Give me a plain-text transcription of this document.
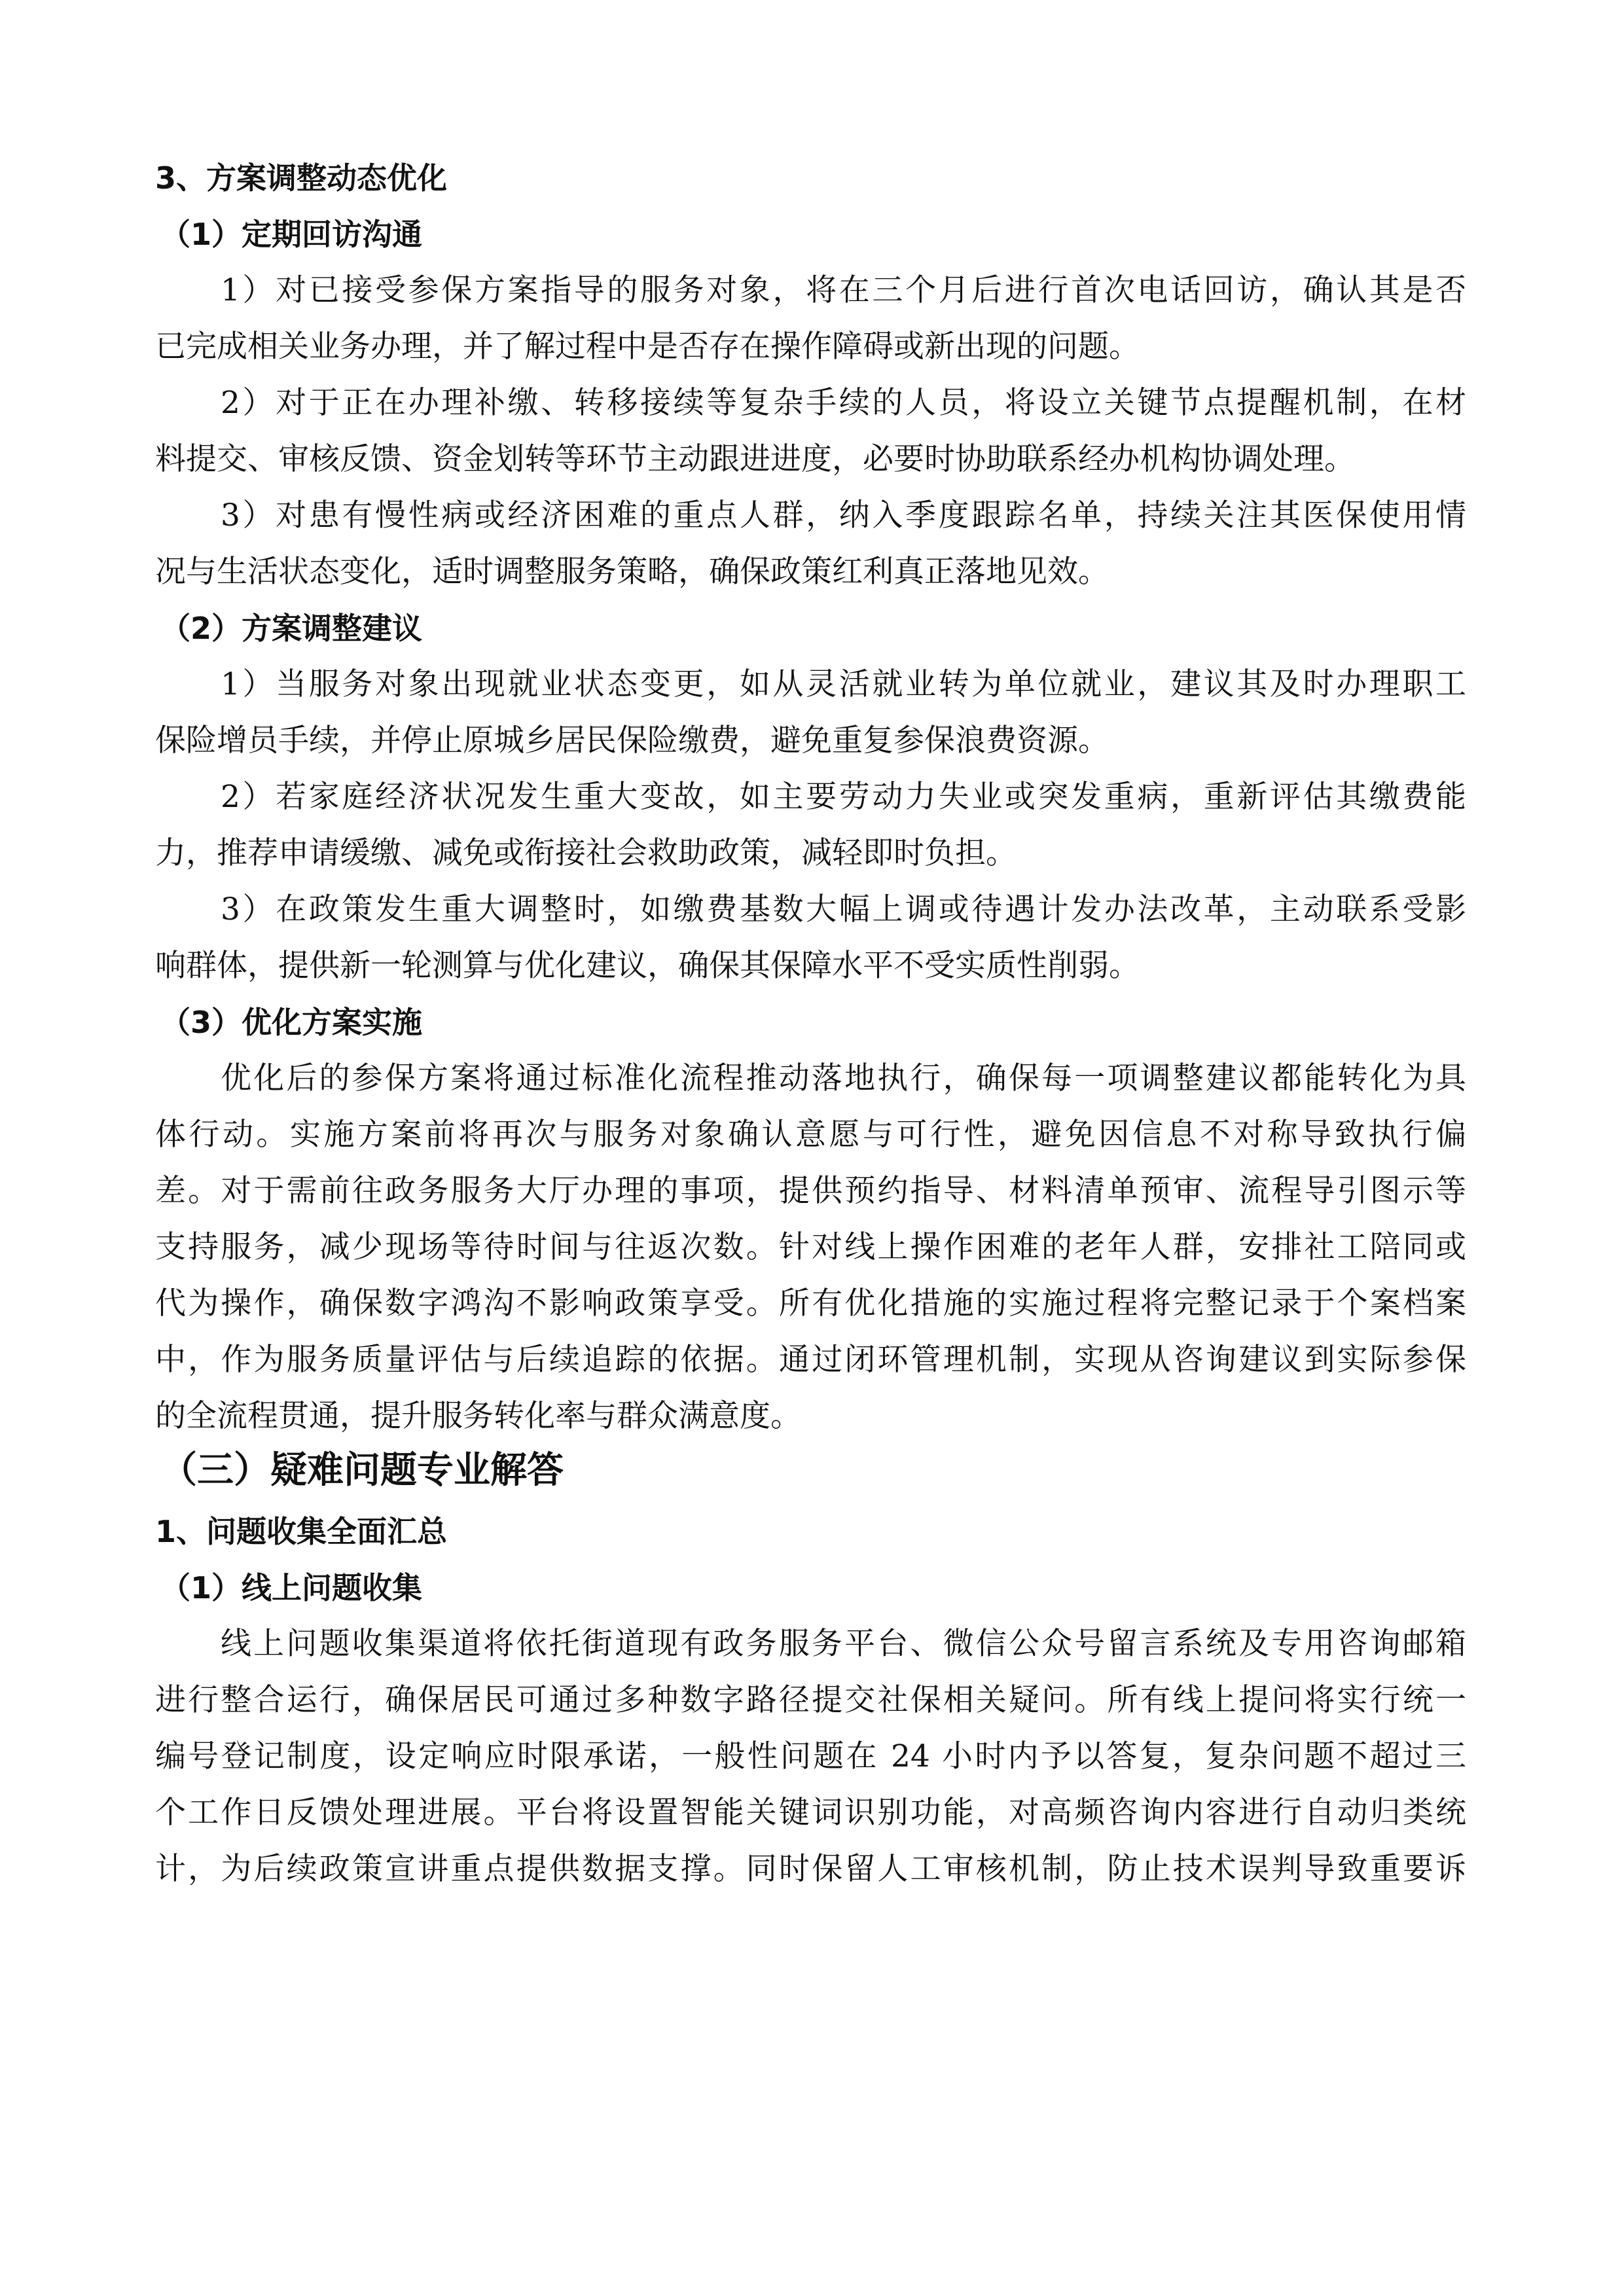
3、方案调整动态优化
（1）定期回访沟通
1）对已接受参保方案指导的服务对象，将在三个月后进行首次电话回访，确认其是否
已完成相关业务办理，并了解过程中是否存在操作障碍或新出现的问题。
2）对于正在办理补缴、转移接续等复杂手续的人员，将设立关键节点提醒机制，在材
料提交、审核反馈、资金划转等环节主动跟进进度，必要时协助联系经办机构协调处理。
3）对患有慢性病或经济困难的重点人群，纳入季度跟踪名单，持续关注其医保使用情
况与生活状态变化，适时调整服务策略，确保政策红利真正落地见效。
（2）方案调整建议
1）当服务对象出现就业状态变更，如从灵活就业转为单位就业，建议其及时办理职工
保险增员手续，并停止原城乡居民保险缴费，避免重复参保浪费资源。
2）若家庭经济状况发生重大变故，如主要劳动力失业或突发重病，重新评估其缴费能
力，推荐申请缓缴、减免或衔接社会救助政策，减轻即时负担。
3）在政策发生重大调整时，如缴费基数大幅上调或待遇计发办法改革，主动联系受影
响群体，提供新一轮测算与优化建议，确保其保障水平不受实质性削弱。
（3）优化方案实施
优化后的参保方案将通过标准化流程推动落地执行，确保每一项调整建议都能转化为具
体行动。实施方案前将再次与服务对象确认意愿与可行性，避免因信息不对称导致执行偏
差。对于需前往政务服务大厅办理的事项，提供预约指导、材料清单预审、流程导引图示等
支持服务，减少现场等待时间与往返次数。针对线上操作困难的老年人群，安排社工陪同或
代为操作，确保数字鸿沟不影响政策享受。所有优化措施的实施过程将完整记录于个案档案
中，作为服务质量评估与后续追踪的依据。通过闭环管理机制，实现从咨询建议到实际参保
的全流程贯通，提升服务转化率与群众满意度。
（三）疑难问题专业解答
1、问题收集全面汇总
（1）线上问题收集
线上问题收集渠道将依托街道现有政务服务平台、微信公众号留言系统及专用咨询邮箱
进行整合运行，确保居民可通过多种数字路径提交社保相关疑问。所有线上提问将实行统一
编号登记制度，设定响应时限承诺，一般性问题在 24 小时内予以答复，复杂问题不超过三
个工作日反馈处理进展。平台将设置智能关键词识别功能，对高频咨询内容进行自动归类统
计，为后续政策宣讲重点提供数据支撑。同时保留人工审核机制，防止技术误判导致重要诉
